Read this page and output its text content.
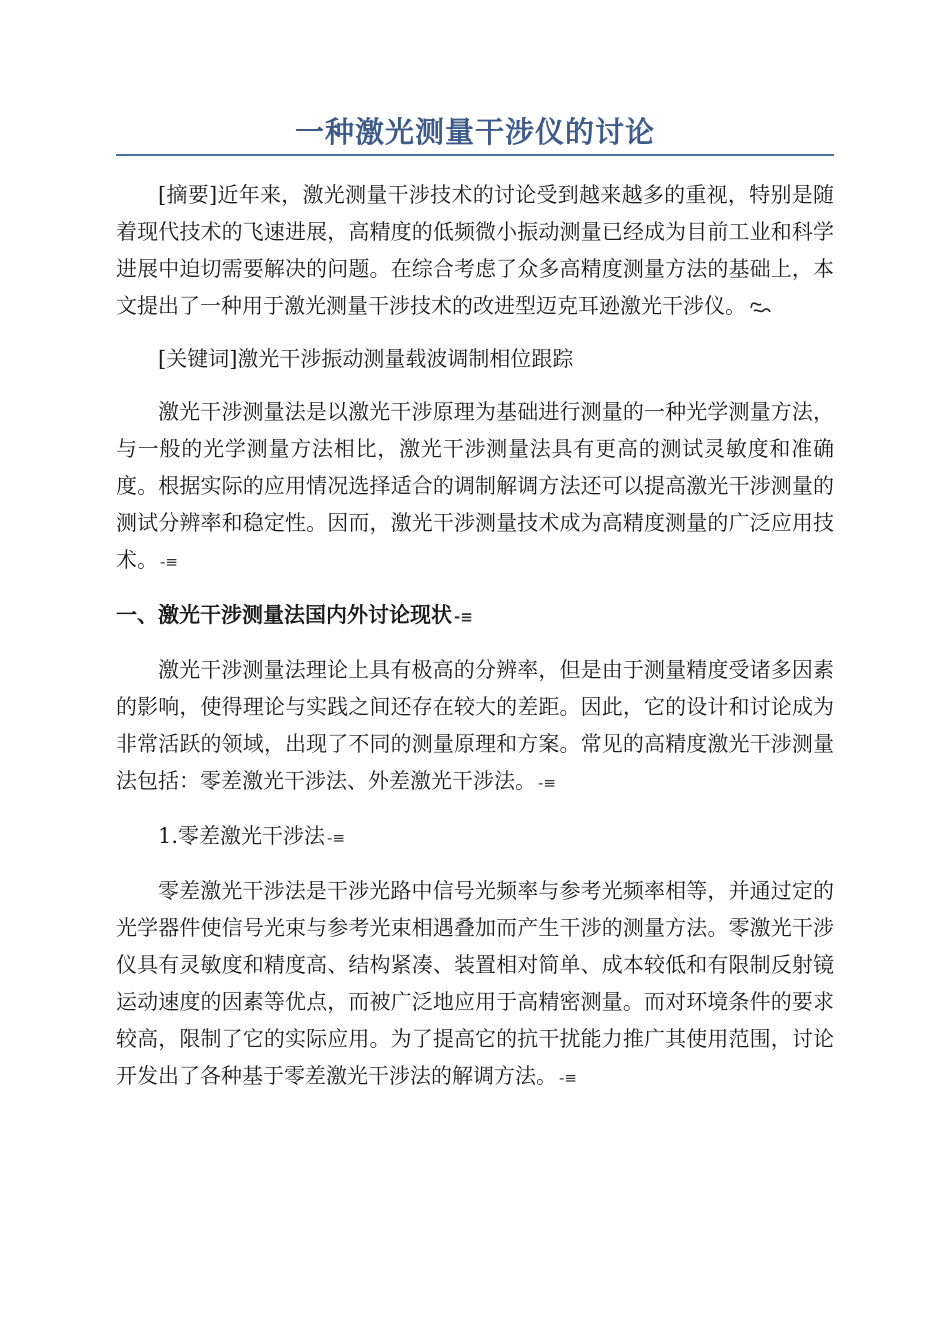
一种激光测量干涉仪的讨论

[摘要]近年来，激光测量干涉技术的讨论受到越来越多的重视，特别是随着现代技术的飞速进展，高精度的低频微小振动测量已经成为目前工业和科学进展中迫切需要解决的问题。在综合考虑了众多高精度测量方法的基础上，本文提出了一种用于激光测量干涉技术的改进型迈克耳逊激光干涉仪。

[关键词]激光干涉振动测量载波调制相位跟踪

激光干涉测量法是以激光干涉原理为基础进行测量的一种光学测量方法，与一般的光学测量方法相比，激光干涉测量法具有更高的测试灵敏度和准确度。根据实际的应用情况选择适合的调制解调方法还可以提高激光干涉测量的测试分辨率和稳定性。因而，激光干涉测量技术成为高精度测量的广泛应用技术。 -≡

一、激光干涉测量法国内外讨论现状 -≡

激光干涉测量法理论上具有极高的分辨率，但是由于测量精度受诸多因素的影响，使得理论与实践之间还存在较大的差距。因此，它的设计和讨论成为非常活跃的领域，出现了不同的测量原理和方案。常见的高精度激光干涉测量法包括：零差激光干涉法、外差激光干涉法。 -≡

1.零差激光干涉法 -≡

零差激光干涉法是干涉光路中信号光频率与参考光频率相等，并通过定的光学器件使信号光束与参考光束相遇叠加而产生干涉的测量方法。零激光干涉仪具有灵敏度和精度高、结构紧凑、装置相对简单、成本较低和有限制反射镜运动速度的因素等优点，而被广泛地应用于高精密测量。而对环境条件的要求较高，限制了它的实际应用。为了提高它的抗干扰能力推广其使用范围，讨论开发出了各种基于零差激光干涉法的解调方法。 -≡
